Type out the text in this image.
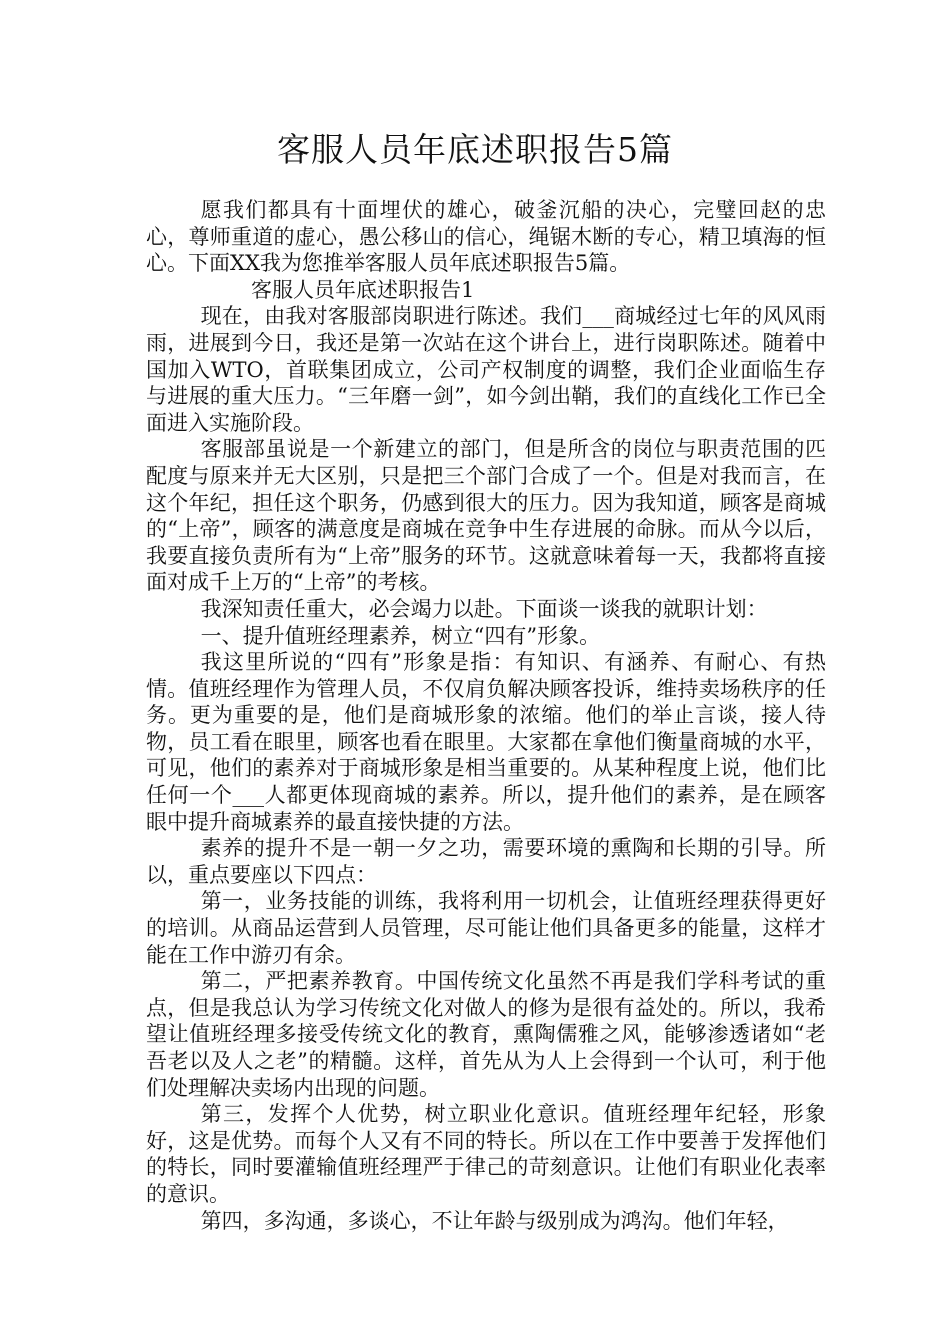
客服人员年底述职报告5篇

愿我们都具有十面埋伏的雄心，破釜沉船的决心，完璧回赵的忠心，尊师重道的虚心，愚公移山的信心，绳锯木断的专心，精卫填海的恒心。下面XX我为您推举客服人员年底述职报告5篇。

客服人员年底述职报告1

现在，由我对客服部岗职进行陈述。我们___商城经过七年的风风雨雨，进展到今日，我还是第一次站在这个讲台上，进行岗职陈述。随着中国加入WTO，首联集团成立，公司产权制度的调整，我们企业面临生存与进展的重大压力。“三年磨一剑”，如今剑出鞘，我们的直线化工作已全面进入实施阶段。

客服部虽说是一个新建立的部门，但是所含的岗位与职责范围的匹配度与原来并无大区别，只是把三个部门合成了一个。但是对我而言，在这个年纪，担任这个职务，仍感到很大的压力。因为我知道，顾客是商城的“上帝”，顾客的满意度是商城在竞争中生存进展的命脉。而从今以后，我要直接负责所有为“上帝”服务的环节。这就意味着每一天，我都将直接面对成千上万的“上帝”的考核。

我深知责任重大，必会竭力以赴。下面谈一谈我的就职计划：

一、提升值班经理素养，树立“四有”形象。

我这里所说的“四有”形象是指：有知识、有涵养、有耐心、有热情。值班经理作为管理人员，不仅肩负解决顾客投诉，维持卖场秩序的任务。更为重要的是，他们是商城形象的浓缩。他们的举止言谈，接人待物，员工看在眼里，顾客也看在眼里。大家都在拿他们衡量商城的水平，可见，他们的素养对于商城形象是相当重要的。从某种程度上说，他们比任何一个___人都更体现商城的素养。所以，提升他们的素养，是在顾客眼中提升商城素养的最直接快捷的方法。

素养的提升不是一朝一夕之功，需要环境的熏陶和长期的引导。所以，重点要座以下四点：

第一，业务技能的训练，我将利用一切机会，让值班经理获得更好的培训。从商品运营到人员管理，尽可能让他们具备更多的能量，这样才能在工作中游刃有余。

第二，严把素养教育。中国传统文化虽然不再是我们学科考试的重点，但是我总认为学习传统文化对做人的修为是很有益处的。所以，我希望让值班经理多接受传统文化的教育，熏陶儒雅之风，能够渗透诸如“老吾老以及人之老”的精髓。这样，首先从为人上会得到一个认可，利于他们处理解决卖场内出现的问题。

第三，发挥个人优势，树立职业化意识。值班经理年纪轻，形象好，这是优势。而每个人又有不同的特长。所以在工作中要善于发挥他们的特长，同时要灌输值班经理严于律己的苛刻意识。让他们有职业化表率的意识。

第四，多沟通，多谈心，不让年龄与级别成为鸿沟。他们年轻，
